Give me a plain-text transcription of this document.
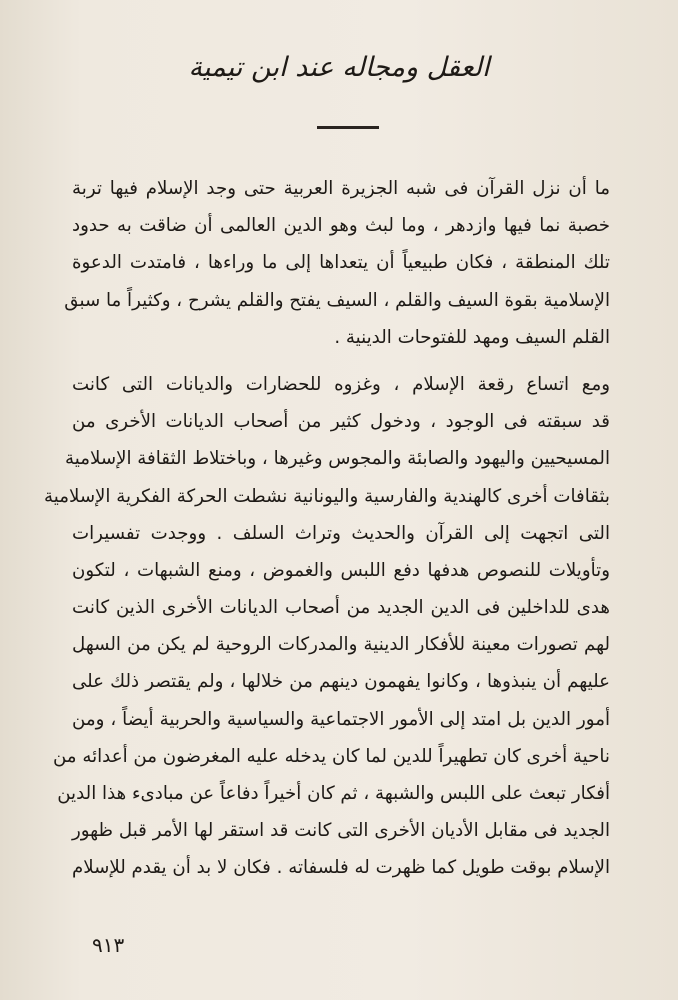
العقل ومجاله عند ابن تيمية
ما أن نزل القرآن فى شبه الجزيرة العربية حتى وجد الإسلام فيها تربة
خصبة نما فيها وازدهر ، وما لبث وهو الدين العالمى أن ضاقت به حدود
تلك المنطقة ، فكان طبيعياً أن يتعداها إلى ما وراءها ، فامتدت الدعوة
الإسلامية بقوة السيف والقلم ، السيف يفتح والقلم يشرح ، وكثيراً ما سبق
القلم السيف ومهد للفتوحات الدينية .
ومع اتساع رقعة الإسلام ، وغزوه للحضارات والديانات التى كانت
قد سبقته فى الوجود ، ودخول كثير من أصحاب الديانات الأخرى من
المسيحيين واليهود والصابئة والمجوس وغيرها ، وباختلاط الثقافة الإسلامية
بثقافات أخرى كالهندية والفارسية واليونانية نشطت الحركة الفكرية الإسلامية
التى اتجهت إلى القرآن والحديث وتراث السلف . ووجدت تفسيرات
وتأويلات للنصوص هدفها دفع اللبس والغموض ، ومنع الشبهات ، لتكون
هدى للداخلين فى الدين الجديد من أصحاب الديانات الأخرى الذين كانت
لهم تصورات معينة للأفكار الدينية والمدركات الروحية لم يكن من السهل
عليهم أن ينبذوها ، وكانوا يفهمون دينهم من خلالها ، ولم يقتصر ذلك على
أمور الدين بل امتد إلى الأمور الاجتماعية والسياسية والحربية أيضاً ، ومن
ناحية أخرى كان تطهيراً للدين لما كان يدخله عليه المغرضون من أعدائه من
أفكار تبعث على اللبس والشبهة ، ثم كان أخيراً دفاعاً عن مبادىء هذا الدين
الجديد فى مقابل الأديان الأخرى التى كانت قد استقر لها الأمر قبل ظهور
الإسلام بوقت طويل كما ظهرت له فلسفاته . فكان لا بد أن يقدم للإسلام
٩١٣
